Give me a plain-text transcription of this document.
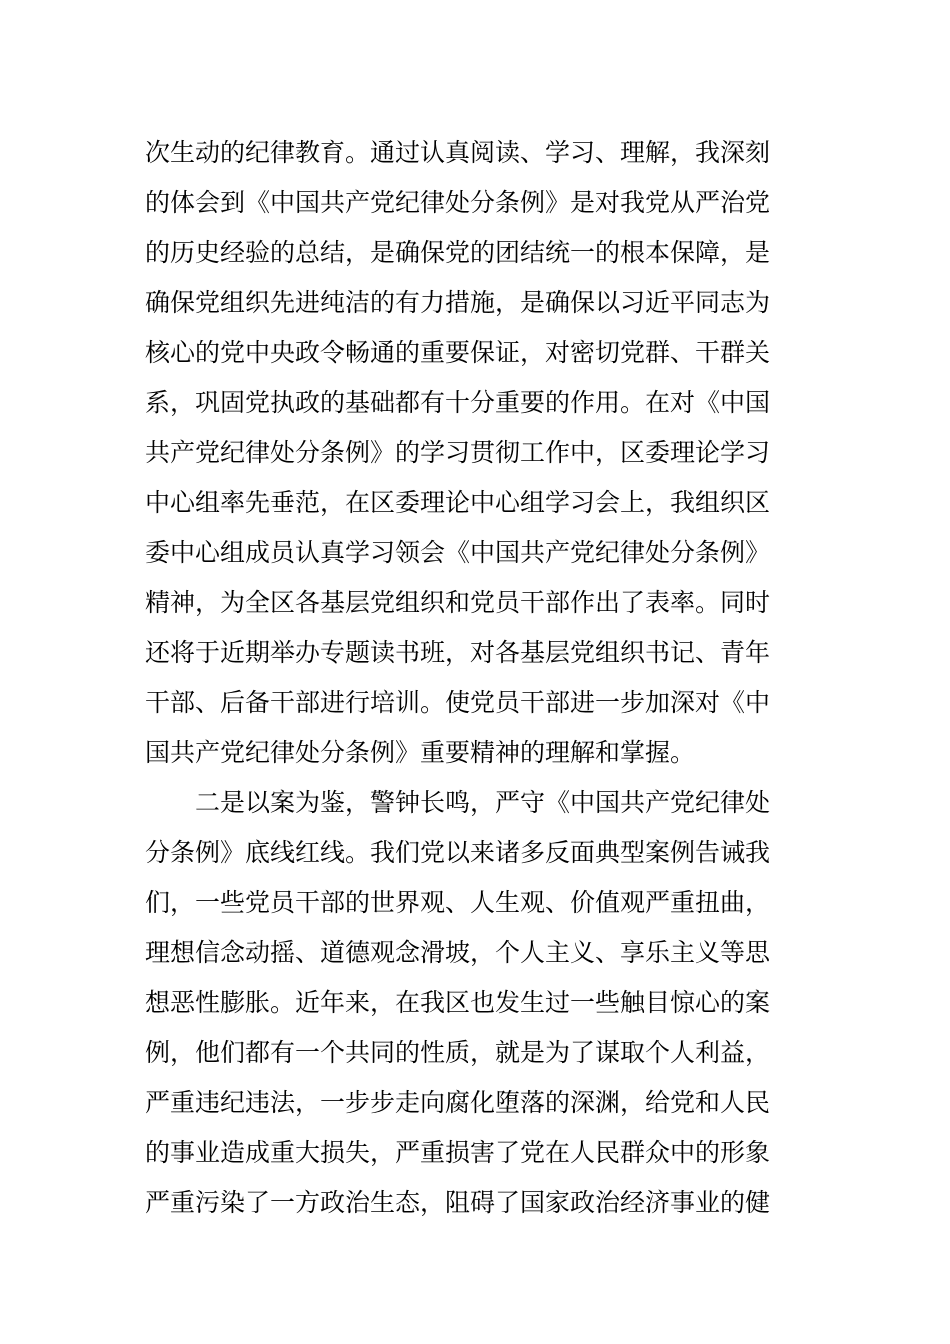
次生动的纪律教育。通过认真阅读、学习、理解，我深刻
的体会到《中国共产党纪律处分条例》是对我党从严治党
的历史经验的总结，是确保党的团结统一的根本保障，是
确保党组织先进纯洁的有力措施，是确保以习近平同志为
核心的党中央政令畅通的重要保证，对密切党群、干群关
系，巩固党执政的基础都有十分重要的作用。在对《中国
共产党纪律处分条例》的学习贯彻工作中，区委理论学习
中心组率先垂范，在区委理论中心组学习会上，我组织区
委中心组成员认真学习领会《中国共产党纪律处分条例》
精神，为全区各基层党组织和党员干部作出了表率。同时
还将于近期举办专题读书班，对各基层党组织书记、青年
干部、后备干部进行培训。使党员干部进一步加深对《中
国共产党纪律处分条例》重要精神的理解和掌握。
二是以案为鉴，警钟长鸣，严守《中国共产党纪律处
分条例》底线红线。我们党以来诸多反面典型案例告诫我
们，一些党员干部的世界观、人生观、价值观严重扭曲，
理想信念动摇、道德观念滑坡，个人主义、享乐主义等思
想恶性膨胀。近年来，在我区也发生过一些触目惊心的案
例，他们都有一个共同的性质，就是为了谋取个人利益，
严重违纪违法，一步步走向腐化堕落的深渊，给党和人民
的事业造成重大损失，严重损害了党在人民群众中的形象
严重污染了一方政治生态，阻碍了国家政治经济事业的健
